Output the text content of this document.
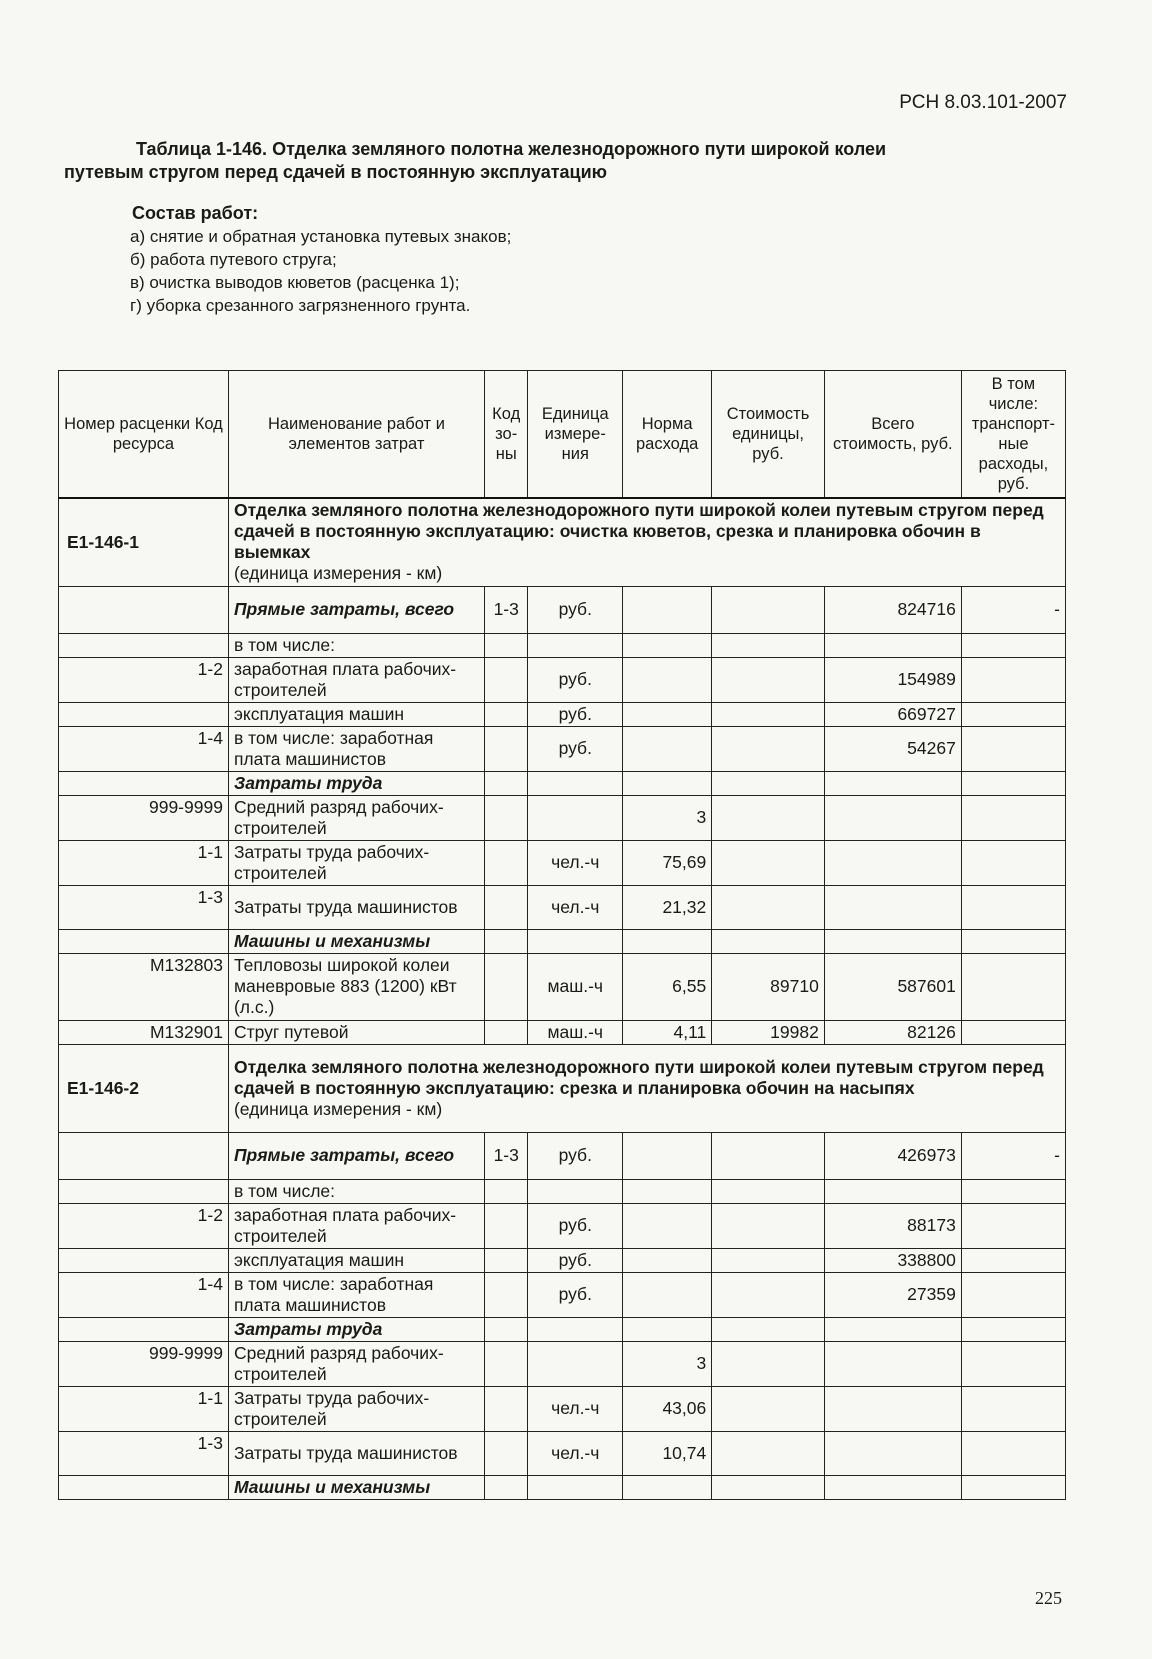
РСН 8.03.101-2007
Таблица 1-146. Отделка земляного полотна железнодорожного пути широкой колеи
путевым стругом перед сдачей в постоянную эксплуатацию
Состав работ:
а) снятие и обратная установка путевых знаков;
б) работа путевого струга;
в) очистка выводов кюветов (расценка 1);
г) уборка срезанного загрязненного грунта.
Номер расценки Код ресурса	Наименование работ и элементов затрат	Код зо-ны	Единица измере-ния	Норма расхода	Стоимость единицы, руб.	Всего стоимость, руб.	В том числе: транспорт-ные расходы, руб.
Е1-146-1	Отделка земляного полотна железнодорожного пути широкой колеи путевым стругом перед сдачей в постоянную эксплуатацию: очистка кюветов, срезка и планировка обочин в выемках
(единица измерения - км)						

	Прямые затраты, всего	1-3	руб.			824716	-
	в том числе:						
1-2	заработная плата рабочих-строителей		руб.			154989	
	эксплуатация машин		руб.			669727	
1-4	в том числе: заработная плата машинистов		руб.			54267	
	Затраты труда						
999-9999	Средний разряд рабочих-строителей			3			
1-1	Затраты труда рабочих-строителей		чел.-ч	75,69			
1-3	Затраты труда машинистов		чел.-ч	21,32			
	Машины и механизмы						
М132803	Тепловозы широкой колеи маневровые 883 (1200) кВт (л.с.)		маш.-ч	6,55	89710	587601	
М132901	Струг путевой		маш.-ч	4,11	19982	82126	
Е1-146-2	Отделка земляного полотна железнодорожного пути широкой колеи путевым стругом перед сдачей в постоянную эксплуатацию: срезка и планировка обочин на насыпях
(единица измерения - км)						

	Прямые затраты, всего	1-3	руб.			426973	-
	в том числе:						
1-2	заработная плата рабочих-строителей		руб.			88173	
	эксплуатация машин		руб.			338800	
1-4	в том числе: заработная плата машинистов		руб.			27359	
	Затраты труда						
999-9999	Средний разряд рабочих-строителей			3			
1-1	Затраты труда рабочих-строителей		чел.-ч	43,06			
1-3	Затраты труда машинистов		чел.-ч	10,74			
	Машины и механизмы						
225
